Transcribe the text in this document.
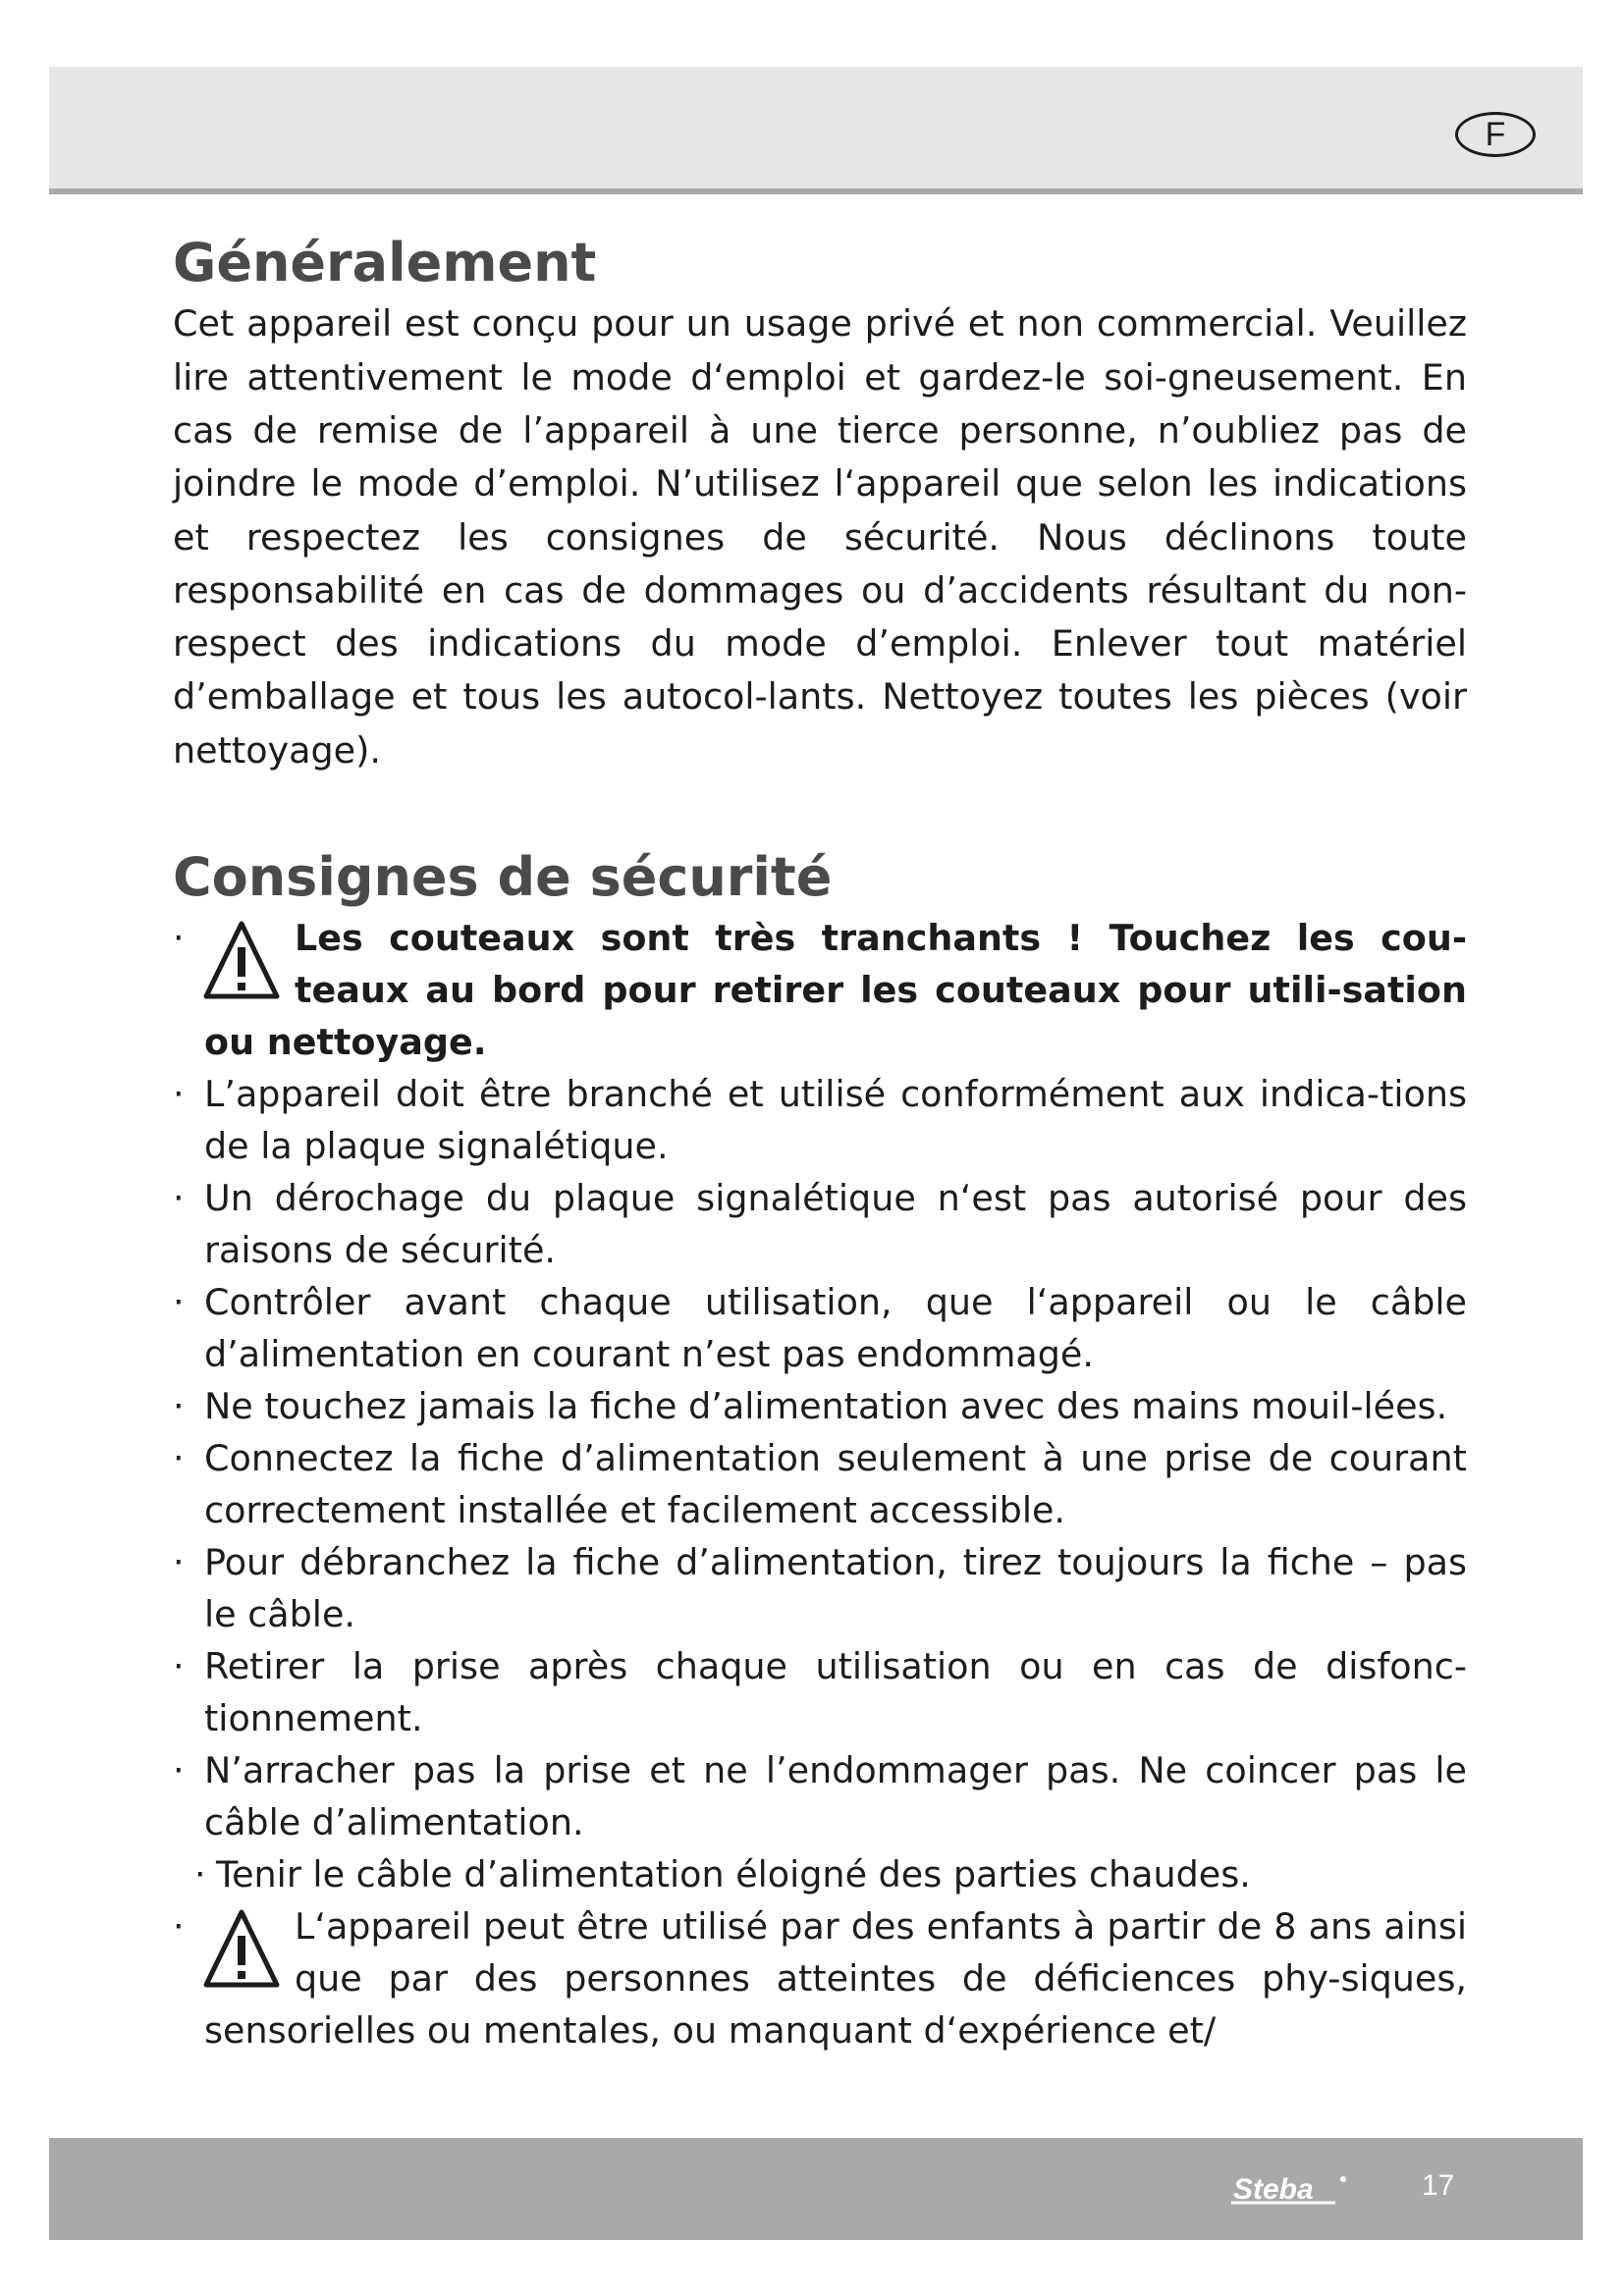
F
Généralement

Cet appareil est conçu pour un usage privé et non commercial. Veuillez lire attentivement le mode d‘emploi et gardez-le soi-gneusement. En cas de remise de l’appareil à une tierce personne, n’oubliez pas de joindre le mode d’emploi. N’utilisez l‘appareil que selon les indications et respectez les consignes de sécurité. Nous déclinons toute responsabilité en cas de dommages ou d’accidents résultant du non-respect des indications du mode d’emploi. Enlever tout matériel d’emballage et tous les autocol-lants. Nettoyez toutes les pièces (voir nettoyage).

Consignes de sécurité
· Les couteaux sont très tranchants ! Touchez les cou-teaux au bord pour retirer les couteaux pour utili-sation ou nettoyage.
· L’appareil doit être branché et utilisé conformément aux indica-tions de la plaque signalétique.
· Un dérochage du plaque signalétique n‘est pas autorisé pour des raisons de sécurité.
· Contrôler avant chaque utilisation, que l‘appareil ou le câble d’alimentation en courant n’est pas endommagé.
· Ne touchez jamais la fiche d’alimentation avec des mains mouil-lées.
· Connectez la fiche d’alimentation seulement à une prise de courant correctement installée et facilement accessible.
· Pour débranchez la fiche d’alimentation, tirez toujours la fiche – pas le câble.
· Retirer la prise après chaque utilisation ou en cas de disfonc-tionnement.
· N’arracher pas la prise et ne l’endommager pas. Ne coincer pas le câble d’alimentation.
· Tenir le câble d’alimentation éloigné des parties chaudes.
· L‘appareil peut être utilisé par des enfants à partir de 8 ans ainsi que par des personnes atteintes de déficiences phy-siques, sensorielles ou mentales, ou manquant d‘expérience et/
Steba	17
